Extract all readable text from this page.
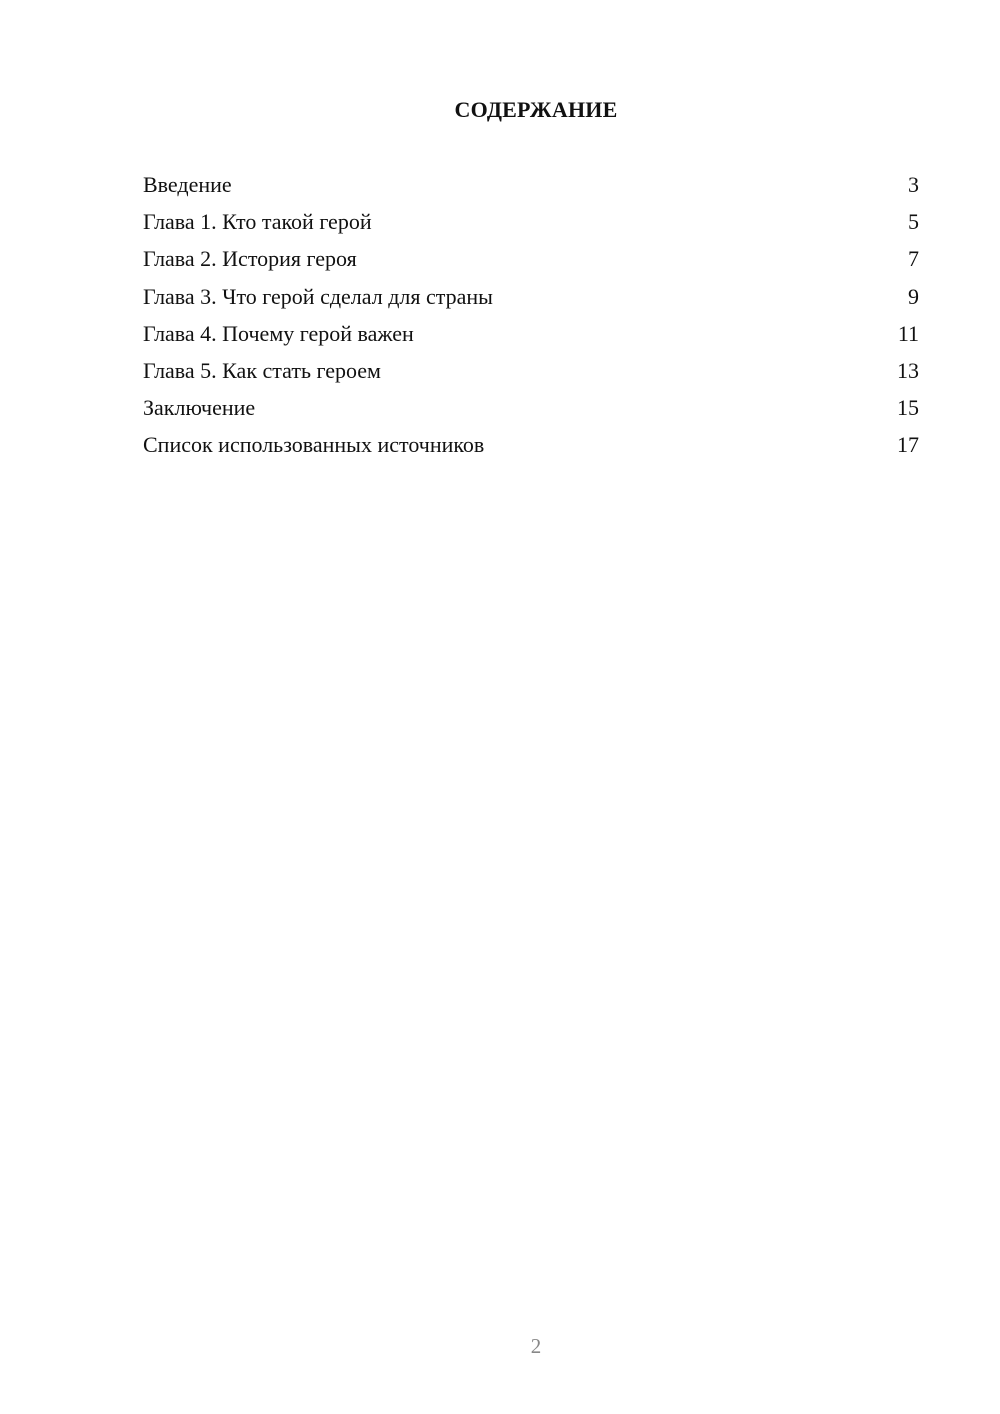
СОДЕРЖАНИЕ
Введение	3
Глава 1. Кто такой герой	5
Глава 2. История героя	7
Глава 3. Что герой сделал для страны	9
Глава 4. Почему герой важен	11
Глава 5. Как стать героем	13
Заключение	15
Список использованных источников	17
2
